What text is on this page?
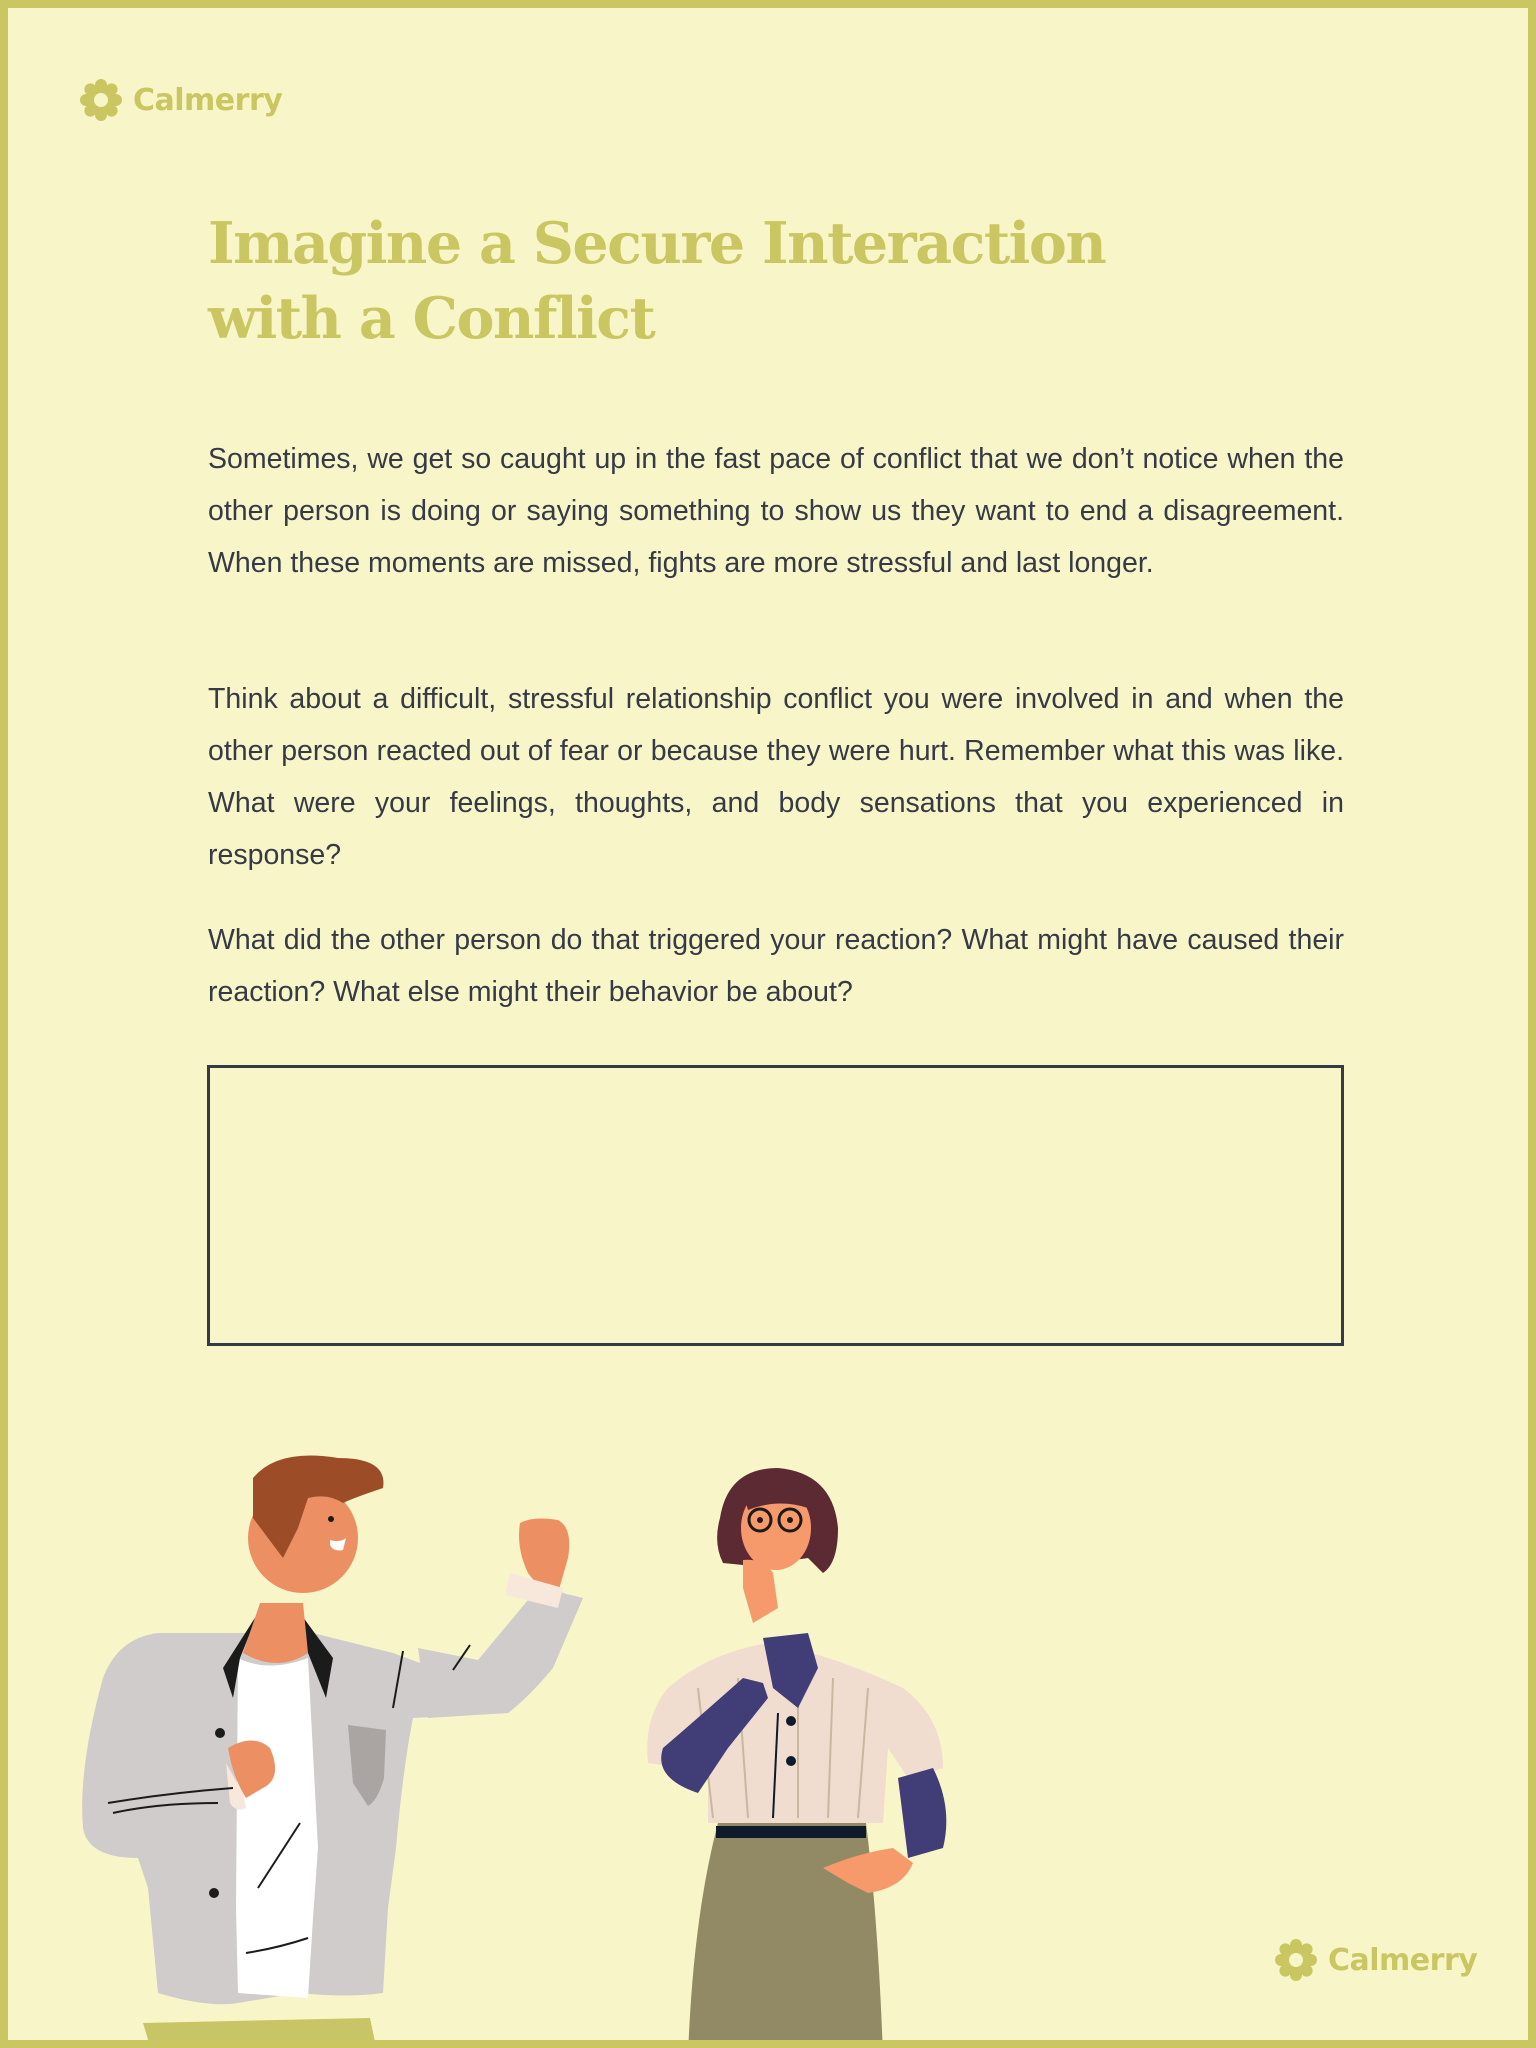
Calmerry
Imagine a Secure Interaction
with a Conflict

Sometimes, we get so caught up in the fast pace of conflict that we don’t notice when the other person is doing or saying something to show us they want to end a disagreement. When these moments are missed, fights are more stressful and last longer.

Think about a difficult, stressful relationship conflict you were involved in and when the other person reacted out of fear or because they were hurt. Remember what this was like. What were your feelings, thoughts, and body sensations that you experienced in response?

What did the other person do that triggered your reaction? What might have caused their reaction? What else might their behavior be about?

Calmerry
